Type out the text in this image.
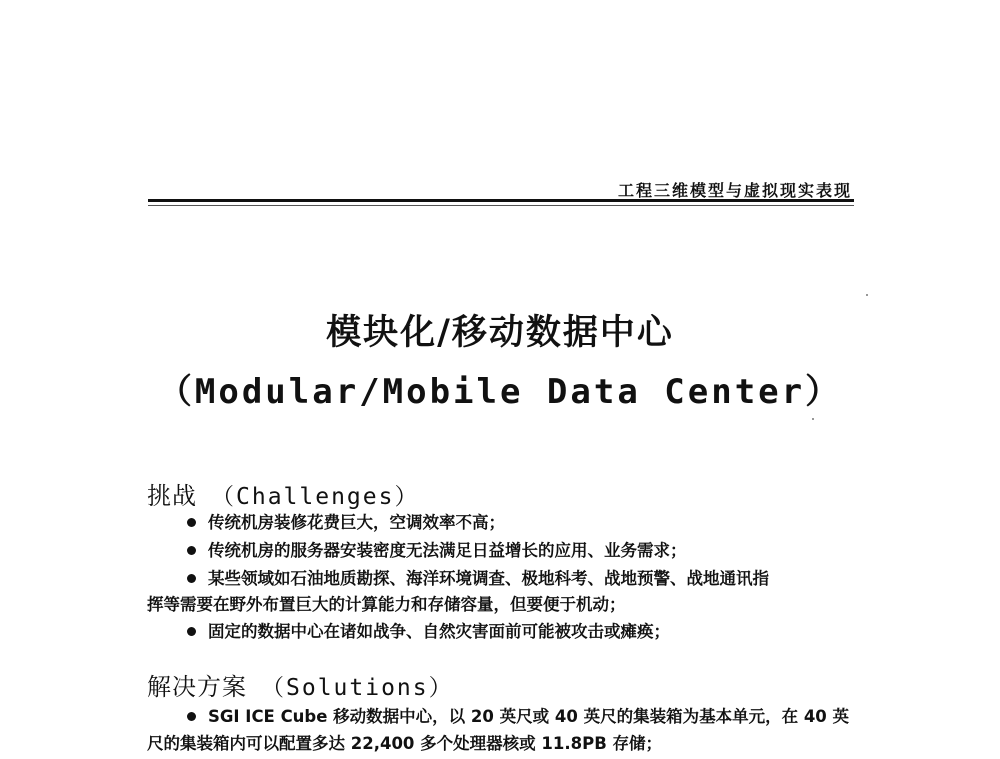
工程三维模型与虚拟现实表现
模块化/移动数据中心
（Modular/Mobile Data Center）
挑战 （Challenges）
传统机房装修花费巨大，空调效率不高；
传统机房的服务器安装密度无法满足日益增长的应用、业务需求；
某些领域如石油地质勘探、海洋环境调查、极地科考、战地预警、战地通讯指
挥等需要在野外布置巨大的计算能力和存储容量，但要便于机动；
固定的数据中心在诸如战争、自然灾害面前可能被攻击或瘫痪；
解决方案 （Solutions）
SGI ICE Cube 移动数据中心，以 20 英尺或 40 英尺的集装箱为基本单元，在 40 英
尺的集装箱内可以配置多达 22,400 多个处理器核或 11.8PB 存储；
